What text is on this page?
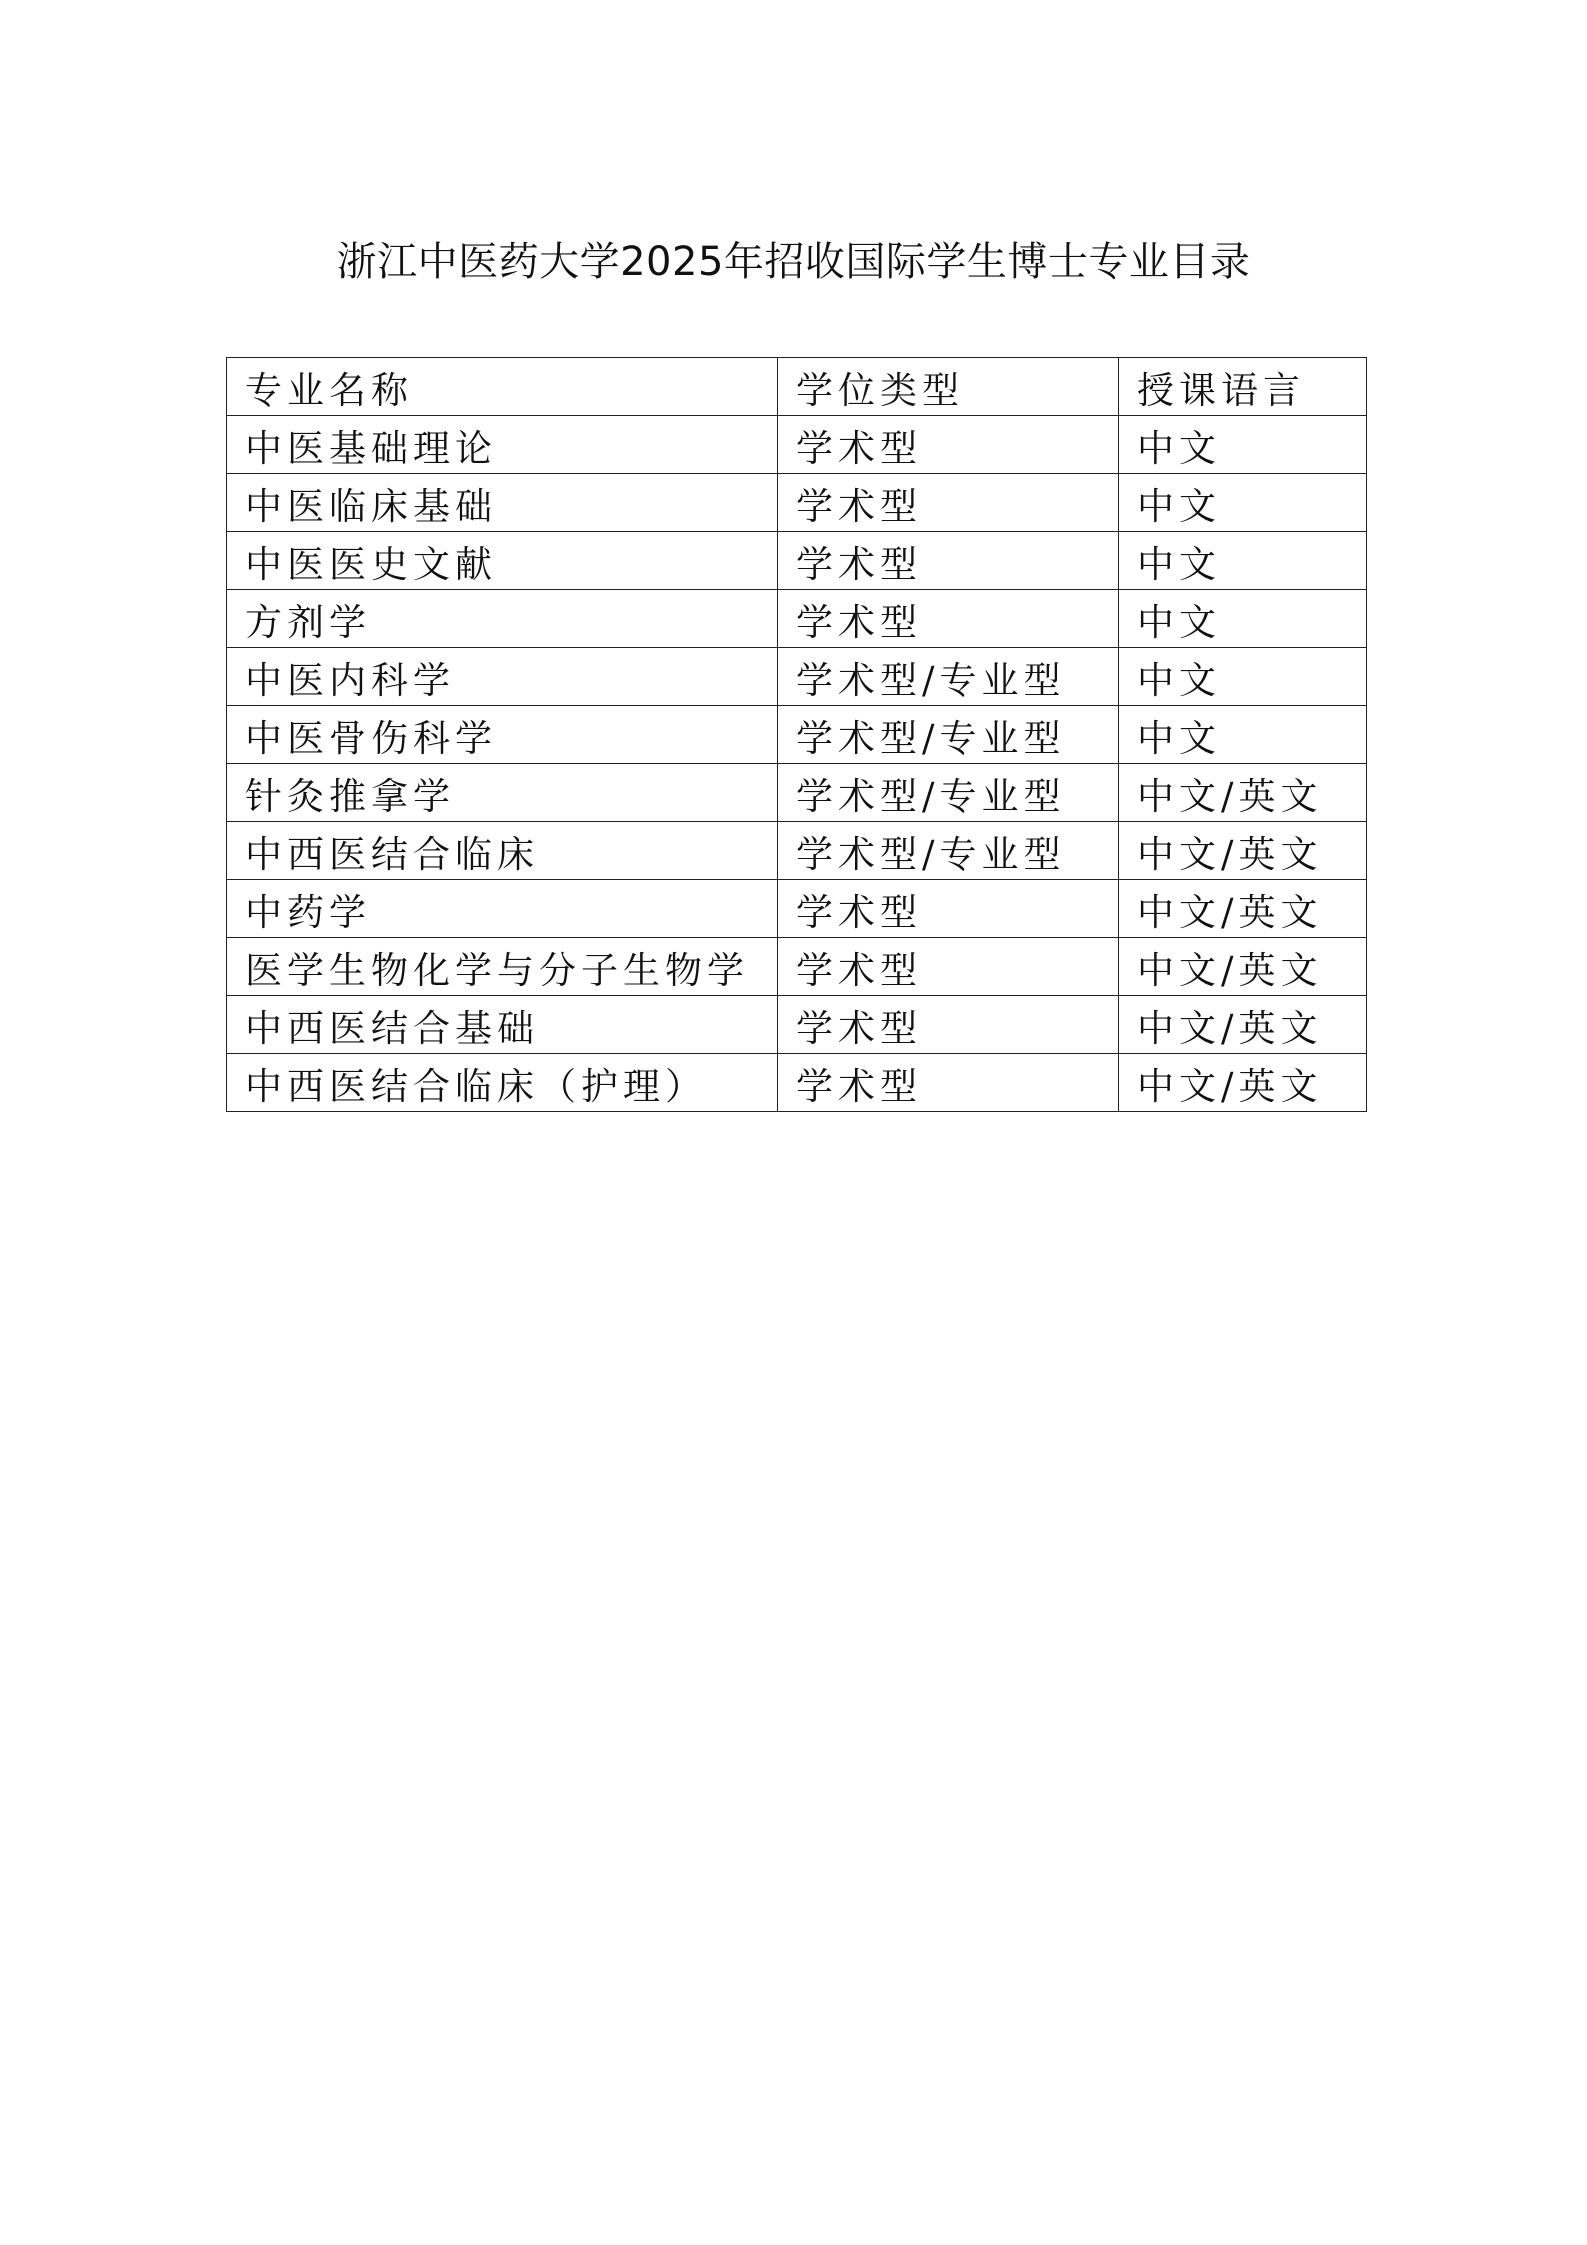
浙江中医药大学2025年招收国际学生博士专业目录
专业名称	学位类型	授课语言
中医基础理论	学术型	中文
中医临床基础	学术型	中文
中医医史文献	学术型	中文
方剂学	学术型	中文
中医内科学	学术型/专业型	中文
中医骨伤科学	学术型/专业型	中文
针灸推拿学	学术型/专业型	中文/英文
中西医结合临床	学术型/专业型	中文/英文
中药学	学术型	中文/英文
医学生物化学与分子生物学	学术型	中文/英文
中西医结合基础	学术型	中文/英文
中西医结合临床（护理）	学术型	中文/英文
